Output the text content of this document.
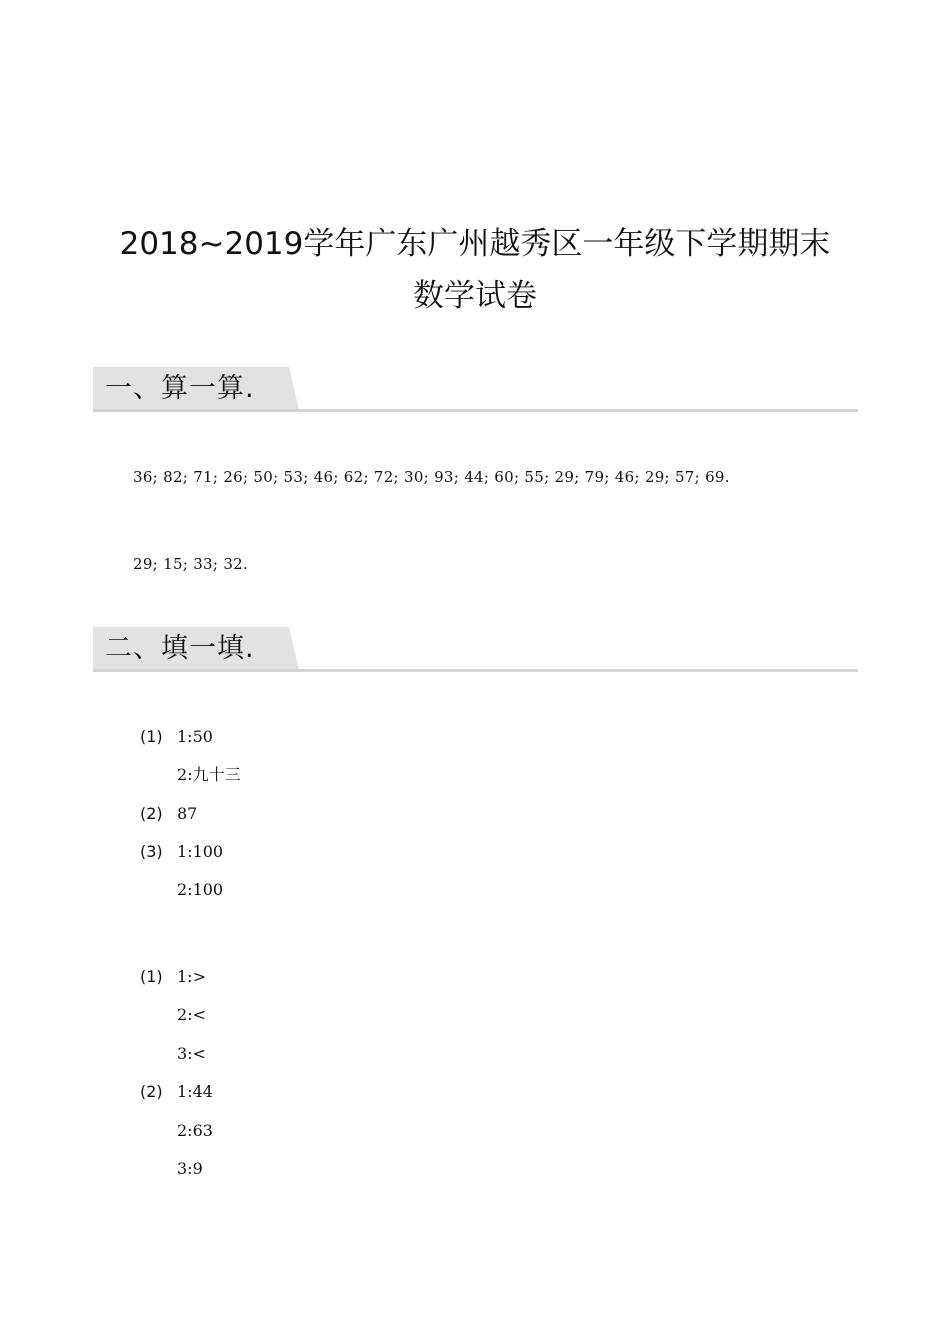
2018~2019学年广东广州越秀区一年级下学期期末
数学试卷
一、算一算.
36; 82; 71; 26; 50; 53; 46; 62; 72; 30; 93; 44; 60; 55; 29; 79; 46; 29; 57; 69.
29; 15; 33; 32.
二、填一填.
(1) 1:50
2:九十三
(2) 87
(3) 1:100
2:100
(1) 1:>
2:<
3:<
(2) 1:44
2:63
3:9
